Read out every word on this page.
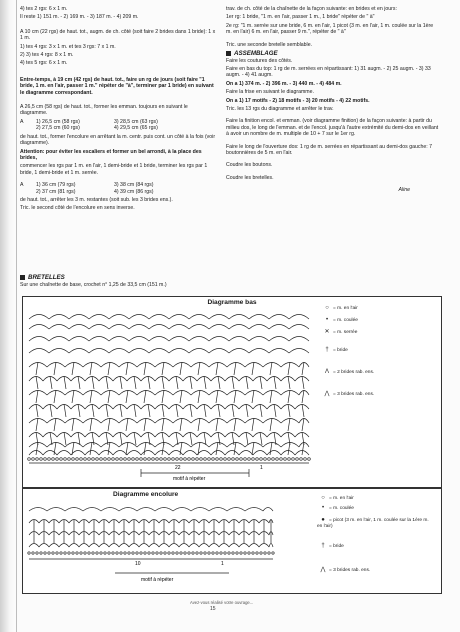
4) tes 2 rgs: 6 x 1 m.

Il reste 1) 151 m. - 2) 169 m. - 3) 187 m. - 4) 209 m.

A 10 cm (22 rgs) de haut. tot., augm. de ch. côté (soit faire 2 brides dans 1 bride): 1 x 1 m.

1) tes 4 rgs: 3 x 1 m. et tes 3 rgs: 7 x 1 m.

2) 3) tes 4 rgs: 8 x 1 m.

4) tes 5 rgs: 6 x 1 m.

Entre-temps, à 19 cm (42 rgs) de haut. tot., faire un rg de jours (soit faire "1 bride, 1 m. en l'air, passer 1 m." répéter de "à", terminer par 1 bride) en suivant le diagramme correspondant.

A 26,5 cm (58 rgs) de haut. tot., former les emman. toujours en suivant le diagramme.

A	1) 26,5 cm (58 rgs)	3) 28,5 cm (63 rgs)
2) 27,5 cm (60 rgs)	4) 29,5 cm (65 rgs)

de haut. tot., former l'encolure en arrêtant la m. centr. puis cont. un côté à la fois (voir diagramme).

Attention: pour éviter les escaliers et former un bel arrondi, à la place des brides,

commencer les rgs par 1 m. en l'air, 1 demi-bride et 1 bride, terminer les rgs par 1 bride, 1 demi-bride et 1 m. serrée.

A	1) 36 cm (79 rgs)	3) 38 cm (84 rgs)
2) 37 cm (81 rgs)	4) 39 cm (86 rgs)

de haut. tot., arrêter les 3 m. restantes (soit sub. les 3 brides ens.).

Tric. le second côté de l'encolure en sens inverse.

trav. de ch. côté de la chaînette de la façon suivante: en brides et en jours:

1er rg: 1 bride, "1 m. en l'air, passer 1 m., 1 bride" répéter de " à"

2e rg: "1 m. serrée sur une bride, 6 m. en l'air, 1 picot (3 m. en l'air, 1 m. coulée sur la 1ère m. en l'air) 6 m. en l'air, passer 9 m.", répéter de " à"

Tric. une seconde bretelle semblable.

ASSEMBLAGE

Faire les coutures des côtés.

Faire en bas du top: 1 rg de m. serrées en répartissant: 1) 31 augm. - 2) 25 augm. - 3) 33 augm. - 4) 41 augm.

On a 1) 374 m. - 2) 396 m. - 3) 440 m. - 4) 484 m.

Faire la frise en suivant le diagramme.

On a 1) 17 motifs - 2) 18 motifs - 3) 20 motifs - 4) 22 motifs.

Tric. les 13 rgs du diagramme et arrêter le trav.

Faire la finition encol. et emman. (voir diagramme finition) de la façon suivante: à partir du milieu dos, le long de l'emman. et de l'encol. jusqu'à l'autre extrémité du demi-dos en veillant à avoir un nombre de m. multiple de 10 + 7 sur le 1er rg.

Faire le long de l'ouverture dos: 1 rg de m. serrées en répartissant au demi-dos gauche: 7 boutonnières de 5 m. en l'air.

Coudre les boutons.

Coudre les bretelles.

Aline

BRETELLES

Sur une chaînette de base, crochet n° 1,25 de 33,5 cm (151 m.)

Diagramme bas
22	1
motif à répéter
○ = m. en l'air
• = m. coulée
✕ = m. serrée
† = bride
Λ = 2 brides rab. ens.
⋀ = 3 brides rab. ens.
Diagramme encolure
10	1
motif à répéter
○ = m. en l'air
• = m. coulée
● = picot (3 m. en l'air, 1 m. coulée sur la 1ère m. en l'air)
† = bride
⋀ = 3 brides rab. ens.
Avez-vous réalisé votre ouvrage...
15
